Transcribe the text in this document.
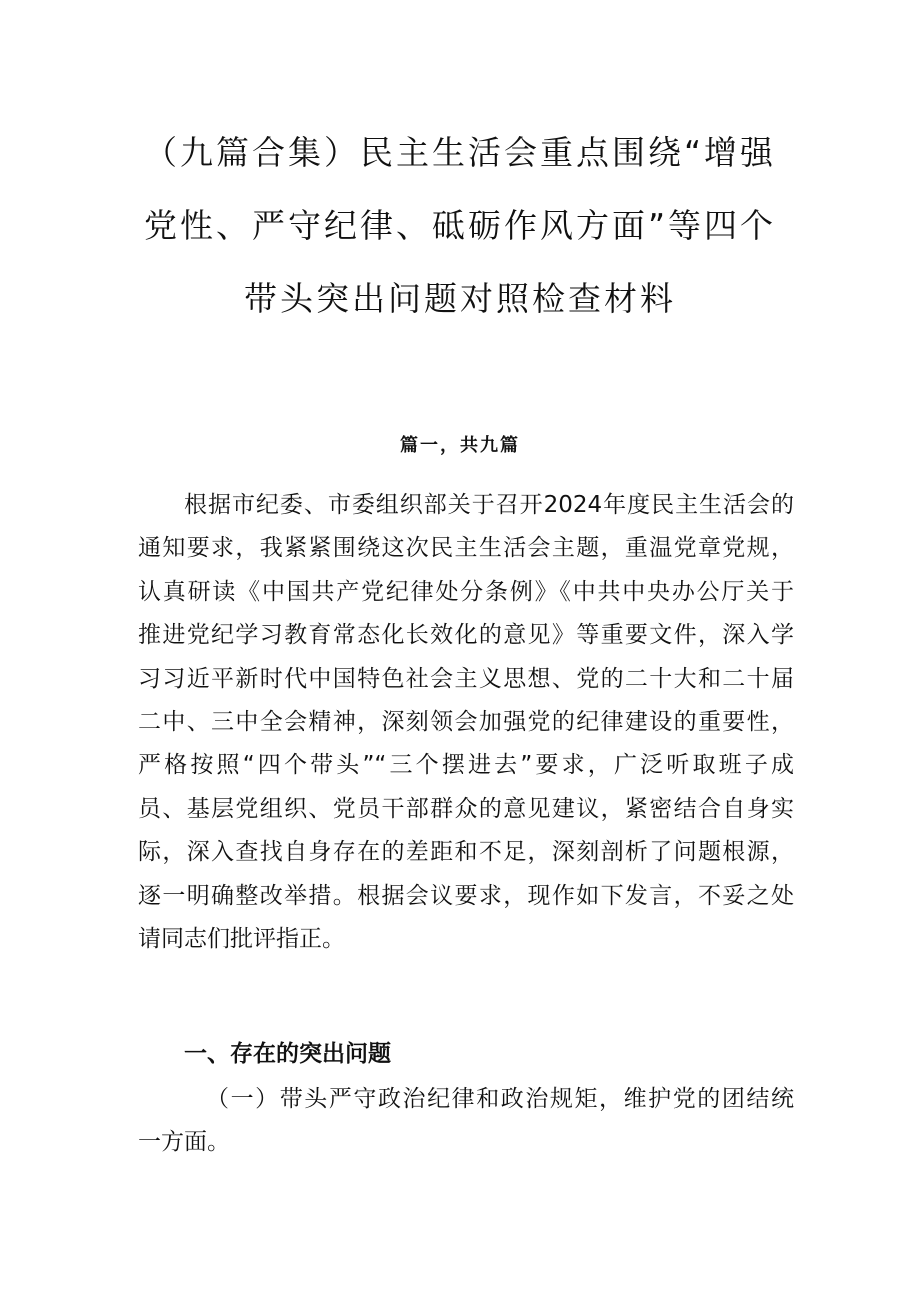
（九篇合集）民主生活会重点围绕“增强
党性、严守纪律、砥砺作风方面”等四个
带头突出问题对照检查材料

篇一，共九篇

根据市纪委、市委组织部关于召开2024年度民主生活会的
通知要求，我紧紧围绕这次民主生活会主题，重温党章党规，
认真研读《中国共产党纪律处分条例》《中共中央办公厅关于
推进党纪学习教育常态化长效化的意见》等重要文件，深入学
习习近平新时代中国特色社会主义思想、党的二十大和二十届
二中、三中全会精神，深刻领会加强党的纪律建设的重要性，
严格按照“四个带头”“三个摆进去”要求，广泛听取班子成
员、基层党组织、党员干部群众的意见建议，紧密结合自身实
际，深入查找自身存在的差距和不足，深刻剖析了问题根源，
逐一明确整改举措。根据会议要求，现作如下发言，不妥之处
请同志们批评指正。
一、存在的突出问题
（一）带头严守政治纪律和政治规矩，维护党的团结统
一方面。
